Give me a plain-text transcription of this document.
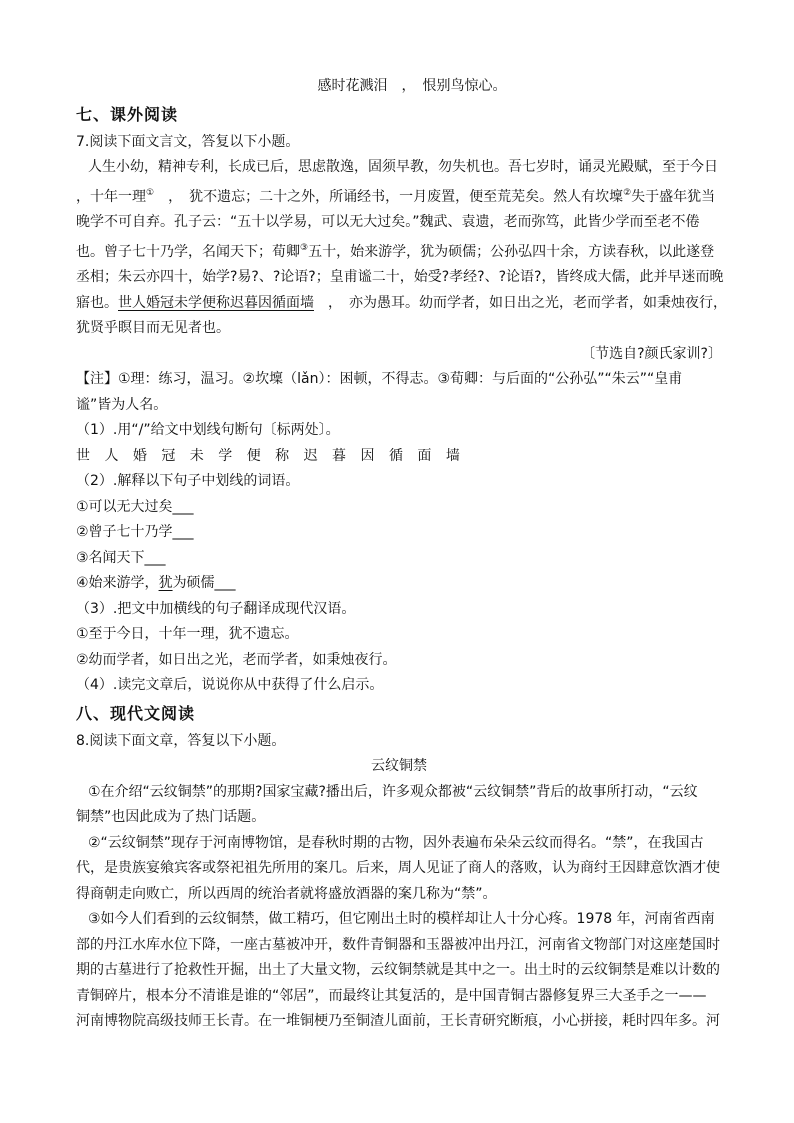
感时花溅泪　，　恨别鸟惊心。
七、课外阅读
7.阅读下面文言文，答复以下小题。
人生小幼，精神专利，长成已后，思虑散逸，固须早教，勿失机也。吾七岁时，诵灵光殿赋，至于今日
，十年一理①　，　犹不遗忘；二十之外，所诵经书，一月废置，便至荒芜矣。然人有坎壈②失于盛年犹当
晚学不可自弃。孔子云：“五十以学易，可以无大过矣。”魏武、袁遗，老而弥笃，此皆少学而至老不倦
也。曾子七十乃学，名闻天下；荀卿③五十，始来游学，犹为硕儒；公孙弘四十余，方读春秋，以此遂登
丞相；朱云亦四十，始学?易?、?论语?；皇甫谧二十，始受?孝经?、?论语?，皆终成大儒，此并早迷而晚
寤也。世人婚冠未学便称迟暮因循面墙　，　亦为愚耳。幼而学者，如日出之光，老而学者，如秉烛夜行，
犹贤乎瞑目而无见者也。
〔节选自?颜氏家训?〕
【注】①理：练习，温习。②坎壈（lǎn）：困顿，不得志。③荀卿：与后面的“公孙弘”“朱云”“皇甫
谧”皆为人名。
（1）.用“/”给文中划线句断句〔标两处〕。
世 人 婚 冠 未 学 便 称 迟 暮 因 循 面 墙
（2）.解释以下句子中划线的词语。
①可以无大过矣___
②曾子七十乃学___
③名闻天下___
④始来游学，犹为硕儒___
（3）.把文中加横线的句子翻译成现代汉语。
①至于今日，十年一理，犹不遗忘。
②幼而学者，如日出之光，老而学者，如秉烛夜行。
（4）.读完文章后，说说你从中获得了什么启示。
八、现代文阅读
8.阅读下面文章，答复以下小题。
云纹铜禁
①在介绍“云纹铜禁”的那期?国家宝藏?播出后，许多观众都被“云纹铜禁”背后的故事所打动，“云纹
铜禁”也因此成为了热门话题。
②“云纹铜禁”现存于河南博物馆，是春秋时期的古物，因外表遍布朵朵云纹而得名。“禁”，在我国古
代，是贵族宴飨宾客或祭祀祖先所用的案几。后来，周人见证了商人的落败，认为商纣王因肆意饮酒才使
得商朝走向败亡，所以西周的统治者就将盛放酒器的案几称为“禁”。
③如今人们看到的云纹铜禁，做工精巧，但它刚出土时的模样却让人十分心疼。1978 年，河南省西南
部的丹江水库水位下降，一座古墓被冲开，数件青铜器和玉器被冲出丹江，河南省文物部门对这座楚国时
期的古墓进行了抢救性开掘，出土了大量文物，云纹铜禁就是其中之一。出土时的云纹铜禁是难以计数的
青铜碎片，根本分不清谁是谁的“邻居”，而最终让其复活的，是中国青铜古器修复界三大圣手之一——
河南博物院高级技师王长青。在一堆铜梗乃至铜渣儿面前，王长青研究断痕，小心拼接，耗时四年多。河
